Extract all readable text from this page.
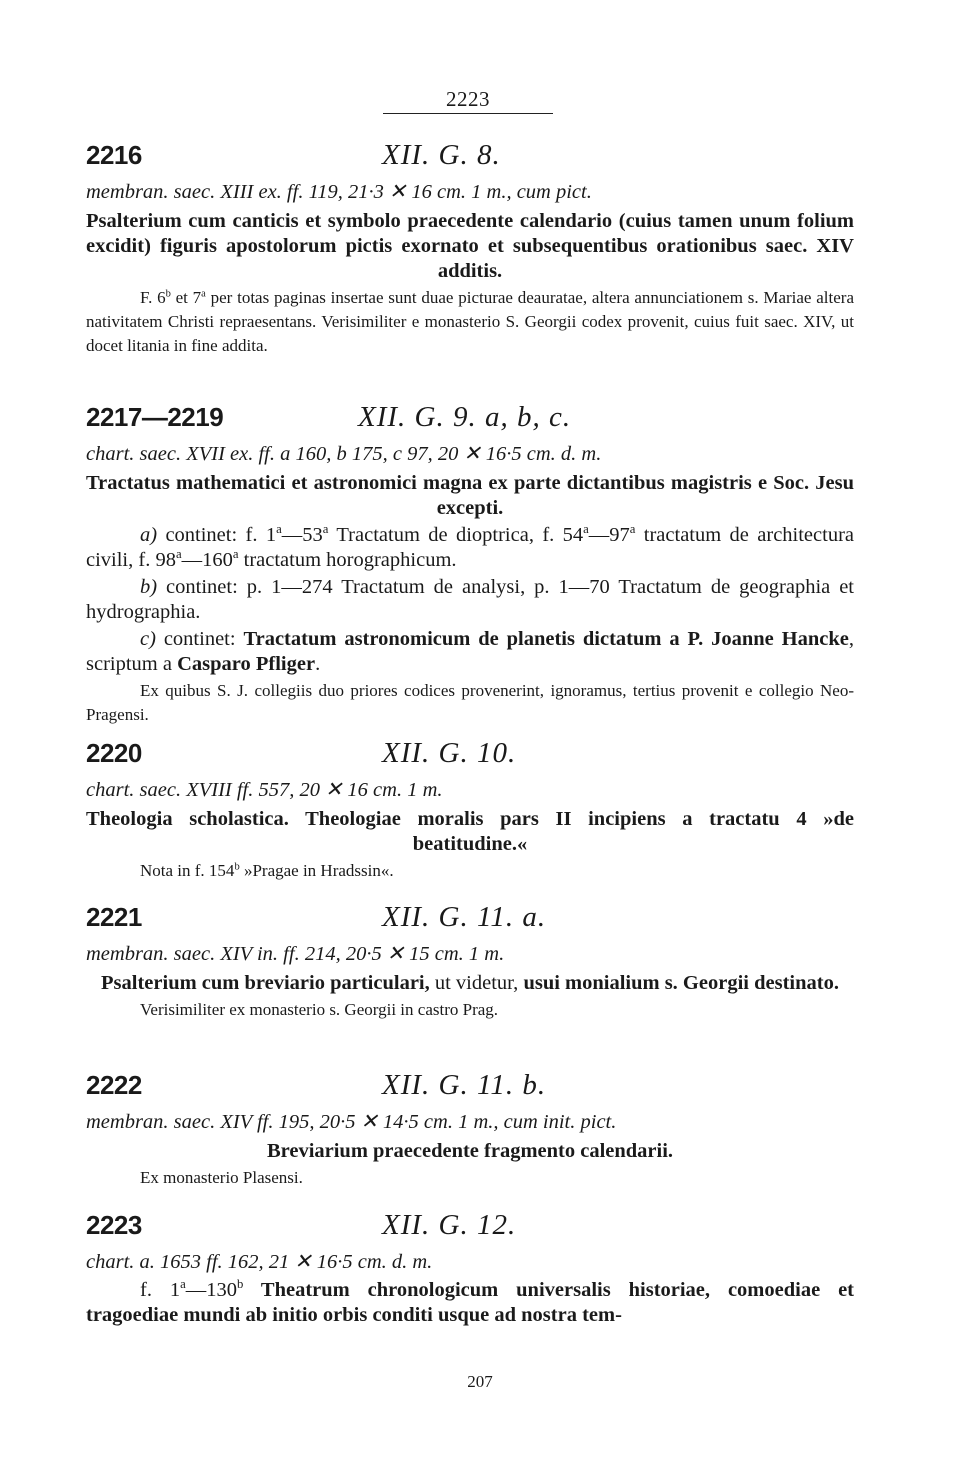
2223
2216	XII. G. 8.
membran. saec. XIII ex. ff. 119, 21·3 ✕ 16 cm. 1 m., cum pict.
Psalterium cum canticis et symbolo praecedente calendario (cuius tamen unum folium excidit) figuris apostolorum pictis exornato et subsequentibus orationibus saec. XIV additis.
F. 6$^b$ et 7$^a$ per totas paginas insertae sunt duae picturae deauratae, altera annunciationem s. Mariae altera nativitatem Christi repraesentans. Verisimiliter e monasterio S. Georgii codex provenit, cuius fuit saec. XIV, ut docet litania in fine addita.
2217—2219	XII. G. 9. a, b, c.
chart. saec. XVII ex. ff. a 160, b 175, c 97, 20 ✕ 16·5 cm. d. m.
Tractatus mathematici et astronomici magna ex parte dictantibus magistris e Soc. Jesu excepti.
a) continet: f. 1$^a$—53$^a$ Tractatum de dioptrica, f. 54$^a$—97$^a$ tractatum de architectura civili, f. 98$^a$—160$^a$ tractatum horographicum.
b) continet: p. 1—274 Tractatum de analysi, p. 1—70 Tractatum de geographia et hydrographia.
c) continet: Tractatum astronomicum de planetis dictatum a P. Joanne Hancke, scriptum a Casparo Pfliger.
Ex quibus S. J. collegiis duo priores codices provenerint, ignoramus, tertius provenit e collegio Neo-Pragensi.
2220	XII. G. 10.
chart. saec. XVIII ff. 557, 20 ✕ 16 cm. 1 m.
Theologia scholastica. Theologiae moralis pars II incipiens a tractatu 4 »de beatitudine.«
Nota in f. 154$^b$ »Pragae in Hradssin«.
2221	XII. G. 11. a.
membran. saec. XIV in. ff. 214, 20·5 ✕ 15 cm. 1 m.
Psalterium cum breviario particulari, ut videtur, usui monialium s. Georgii destinato.
Verisimiliter ex monasterio s. Georgii in castro Prag.
2222	XII. G. 11. b.
membran. saec. XIV ff. 195, 20·5 ✕ 14·5 cm. 1 m., cum init. pict.
Breviarium praecedente fragmento calendarii.
Ex monasterio Plasensi.
2223	XII. G. 12.
chart. a. 1653 ff. 162, 21 ✕ 16·5 cm. d. m.
f. 1$^a$—130$^b$ Theatrum chronologicum universalis historiae, comoediae et tragoediae mundi ab initio orbis conditi usque ad nostra tem-
207
